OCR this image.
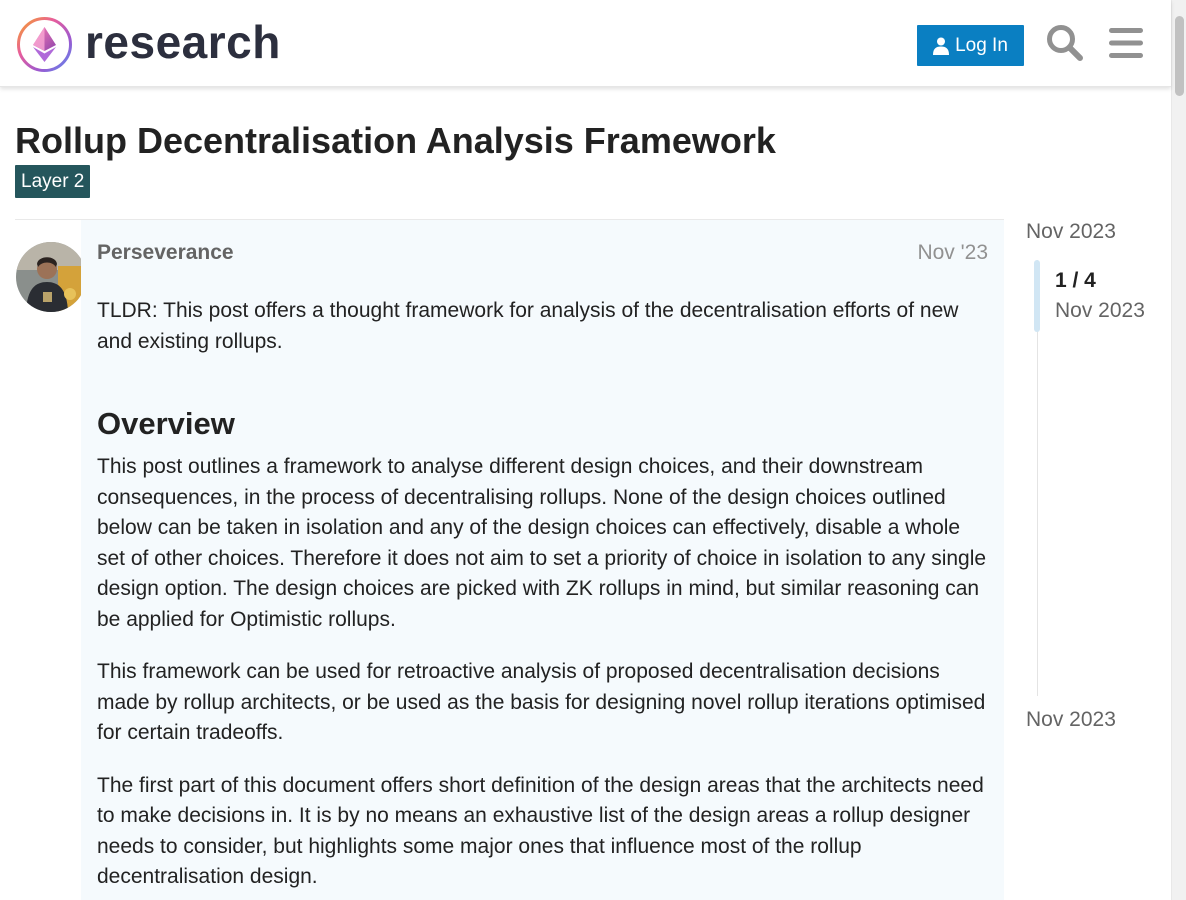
research	Log In
Rollup Decentralisation Analysis Framework
Layer 2
Perseverance	Nov '23

TLDR: This post offers a thought framework for analysis of the decentralisation efforts of new and existing rollups.

Overview

This post outlines a framework to analyse different design choices, and their downstream consequences, in the process of decentralising rollups. None of the design choices outlined below can be taken in isolation and any of the design choices can effectively, disable a whole set of other choices. Therefore it does not aim to set a priority of choice in isolation to any single design option. The design choices are picked with ZK rollups in mind, but similar reasoning can be applied for Optimistic rollups.

This framework can be used for retroactive analysis of proposed decentralisation decisions made by rollup architects, or be used as the basis for designing novel rollup iterations optimised for certain tradeoffs.

The first part of this document offers short definition of the design areas that the architects need to make decisions in. It is by no means an exhaustive list of the design areas a rollup designer needs to consider, but highlights some major ones that influence most of the rollup decentralisation design.

Nov 2023
1 / 4
Nov 2023
Nov 2023
